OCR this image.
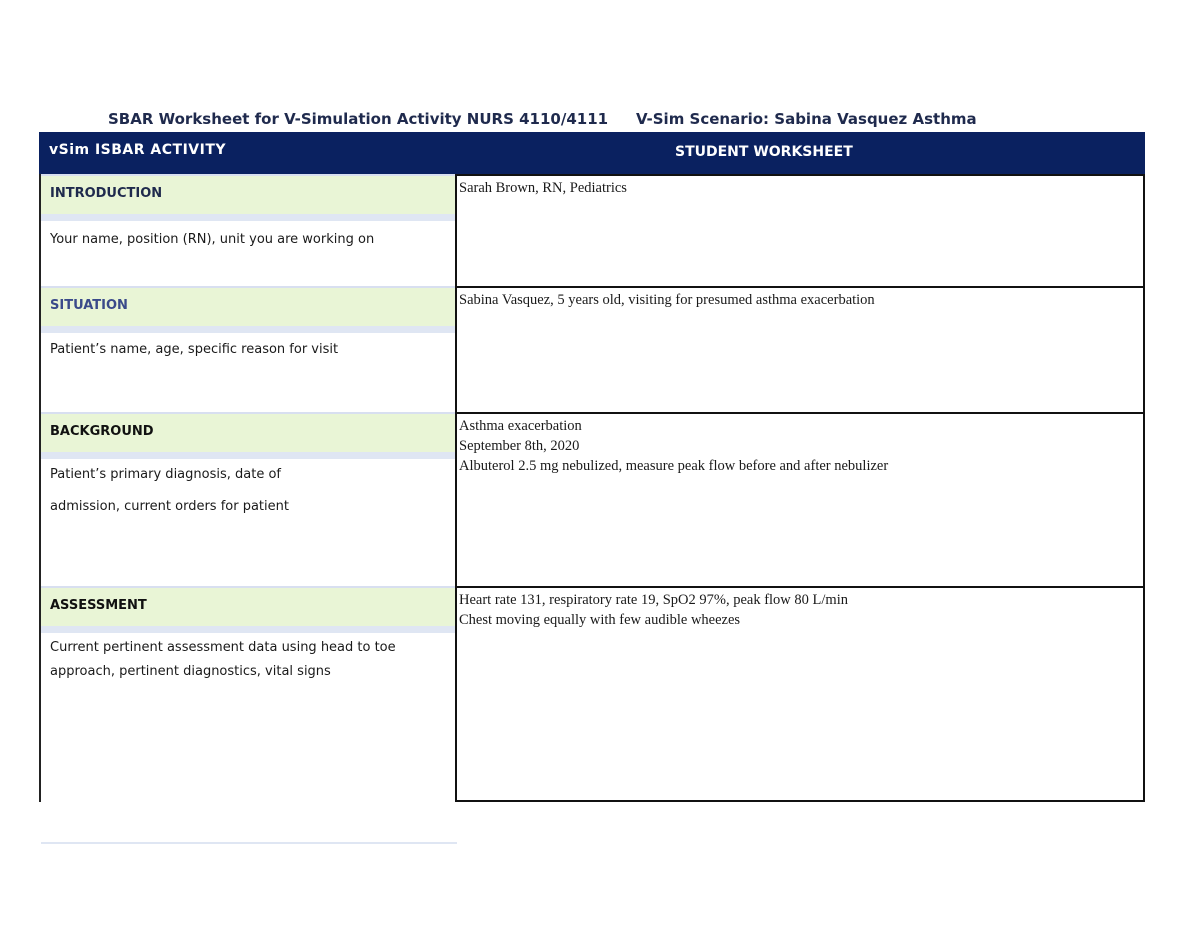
SBAR Worksheet for V-Simulation Activity NURS 4110/4111 V-Sim Scenario: Sabina Vasquez Asthma
vSim ISBAR ACTIVITY	STUDENT WORKSHEET
INTRODUCTION
Your name, position (RN), unit you are working on
SITUATION
Patient’s name, age, specific reason for visit
BACKGROUND
Patient’s primary diagnosis, date of
admission, current orders for patient
ASSESSMENT
Current pertinent assessment data using head to toe
approach, pertinent diagnostics, vital signs
Sarah Brown, RN, Pediatrics
Sabina Vasquez, 5 years old, visiting for presumed asthma exacerbation
Asthma exacerbation
September 8th, 2020
Albuterol 2.5 mg nebulized, measure peak flow before and after nebulizer
Heart rate 131, respiratory rate 19, SpO2 97%, peak flow 80 L/min
Chest moving equally with few audible wheezes
